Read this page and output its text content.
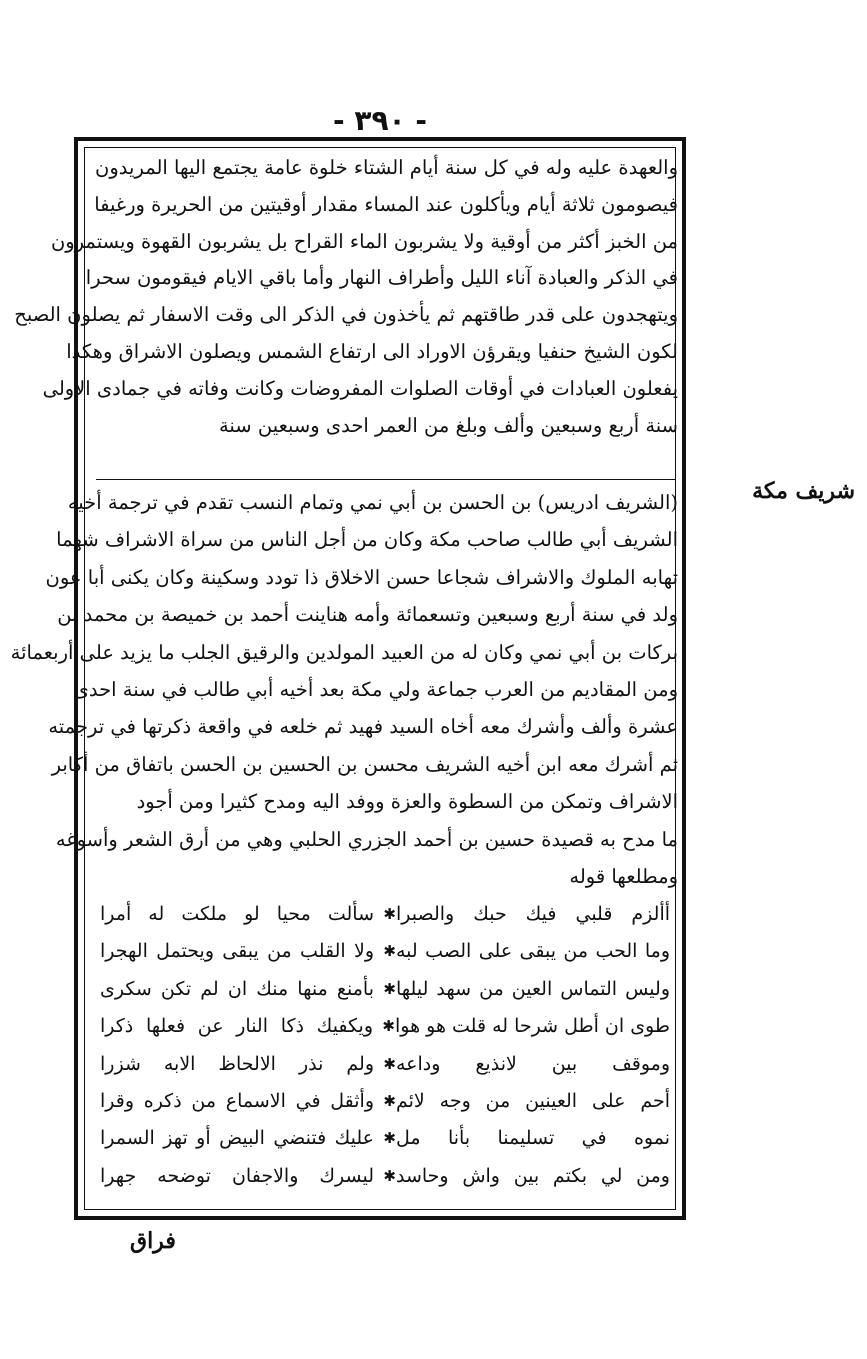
- ٣٩٠ -
والعهدة عليه وله في كل سنة أيام الشتاء خلوة عامة يجتمع اليها المريدون
فيصومون ثلاثة أيام ويأكلون عند المساء مقدار أوقيتين من الحريرة ورغيفا
من الخبز أكثر من أوقية ولا يشربون الماء القراح بل يشربون القهوة ويستمرون
في الذكر والعبادة آناء الليل وأطراف النهار وأما باقي الايام فيقومون سحرا
ويتهجدون على قدر طاقتهم ثم يأخذون في الذكر الى وقت الاسفار ثم يصلون الصبح
لكون الشيخ حنفيا ويقرؤن الاوراد الى ارتفاع الشمس ويصلون الاشراق وهكذا
يفعلون العبادات في أوقات الصلوات المفروضات وكانت وفاته في جمادى الاولى
سنة أربع وسبعين وألف وبلغ من العمر احدى وسبعين سنة
شريف مكة
(الشريف ادريس) بن الحسن بن أبي نمي وتمام النسب تقدم في ترجمة أخيه
الشريف أبي طالب صاحب مكة وكان من أجل الناس من سراة الاشراف شهما
تهابه الملوك والاشراف شجاعا حسن الاخلاق ذا تودد وسكينة وكان يكنى أبا عون
ولد في سنة أربع وسبعين وتسعمائة وأمه هناينت أحمد بن خميصة بن محمد بن
بركات بن أبي نمي وكان له من العبيد المولدين والرقيق الجلب ما يزيد على أربعمائة
ومن المقاديم من العرب جماعة ولي مكة بعد أخيه أبي طالب في سنة احدى
عشرة وألف وأشرك معه أخاه السيد فهيد ثم خلعه في واقعة ذكرتها في ترجمته
ثم أشرك معه ابن أخيه الشريف محسن بن الحسين بن الحسن باتفاق من أكابر
الاشراف وتمكن من السطوة والعزة ووفد اليه ومدح كثيرا ومن أجود
ما مدح به قصيدة حسين بن أحمد الجزري الحلبي وهي من أرق الشعر وأسوغه
ومطلعها قوله
أألزم قلبي فيك حبك والصبرا
✱
سألت محيا لو ملكت له أمرا
وما الحب من يبقى على الصب لبه
✱
ولا القلب من يبقى ويحتمل الهجرا
وليس التماس العين من سهد ليلها
✱
بأمنع منها منك ان لم تكن سكرى
طوى ان أطل شرحا له قلت هو هوا
✱
ويكفيك ذكا النار عن فعلها ذكرا
وموقف بين لانذيع وداعه
✱
ولم نذر الالحاظ الابه شزرا
أحم على العينين من وجه لائم
✱
وأثقل في الاسماع من ذكره وقرا
نموه في تسليمنا بأنا مل
✱
عليك فتنضي البيض أو تهز السمرا
ومن لي بكتم بين واش وحاسد
✱
ليسرك والاجفان توضحه جهرا
فراق
